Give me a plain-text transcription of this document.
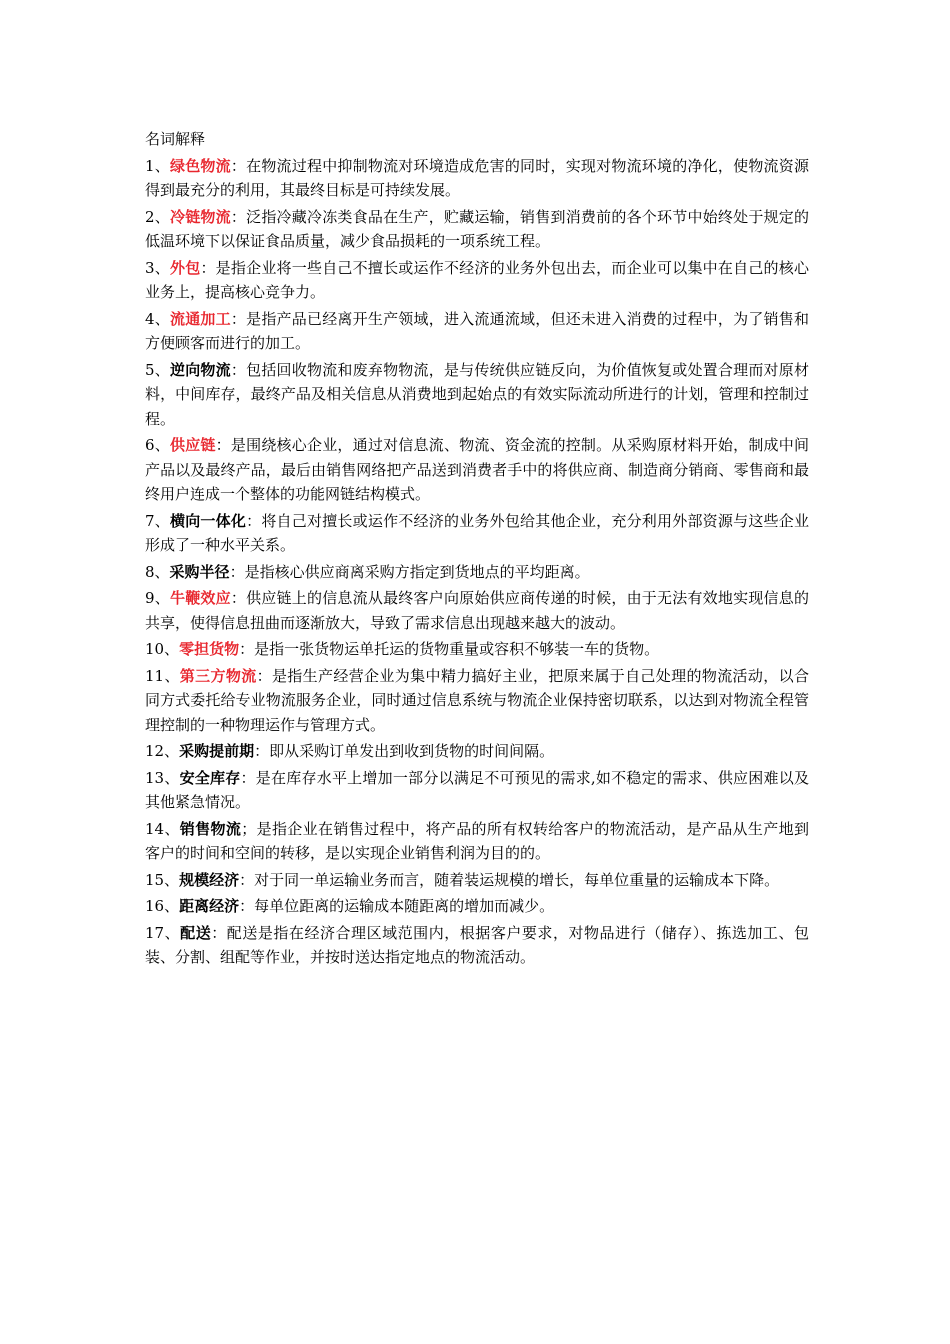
名词解释
1、绿色物流：在物流过程中抑制物流对环境造成危害的同时，实现对物流环境的净化，使物流资源得到最充分的利用，其最终目标是可持续发展。
2、冷链物流：泛指冷藏冷冻类食品在生产，贮藏运输，销售到消费前的各个环节中始终处于规定的低温环境下以保证食品质量，减少食品损耗的一项系统工程。
3、外包：是指企业将一些自己不擅长或运作不经济的业务外包出去，而企业可以集中在自己的核心业务上，提高核心竞争力。
4、流通加工：是指产品已经离开生产领域，进入流通流域，但还未进入消费的过程中，为了销售和方便顾客而进行的加工。
5、逆向物流：包括回收物流和废弃物物流，是与传统供应链反向，为价值恢复或处置合理而对原材料，中间库存，最终产品及相关信息从消费地到起始点的有效实际流动所进行的计划，管理和控制过程。
6、供应链：是围绕核心企业，通过对信息流、物流、资金流的控制。从采购原材料开始，制成中间产品以及最终产品，最后由销售网络把产品送到消费者手中的将供应商、制造商分销商、零售商和最终用户连成一个整体的功能网链结构模式。
7、横向一体化：将自己对擅长或运作不经济的业务外包给其他企业，充分利用外部资源与这些企业形成了一种水平关系。
8、采购半径：是指核心供应商离采购方指定到货地点的平均距离。
9、牛鞭效应：供应链上的信息流从最终客户向原始供应商传递的时候，由于无法有效地实现信息的共享，使得信息扭曲而逐渐放大，导致了需求信息出现越来越大的波动。
10、零担货物：是指一张货物运单托运的货物重量或容积不够装一车的货物。
11、第三方物流：是指生产经营企业为集中精力搞好主业，把原来属于自己处理的物流活动，以合同方式委托给专业物流服务企业，同时通过信息系统与物流企业保持密切联系，以达到对物流全程管理控制的一种物理运作与管理方式。
12、采购提前期：即从采购订单发出到收到货物的时间间隔。
13、安全库存：是在库存水平上增加一部分以满足不可预见的需求,如不稳定的需求、供应困难以及其他紧急情况。
14、销售物流；是指企业在销售过程中，将产品的所有权转给客户的物流活动，是产品从生产地到客户的时间和空间的转移，是以实现企业销售利润为目的的。
15、规模经济：对于同一单运输业务而言，随着装运规模的增长，每单位重量的运输成本下降。
16、距离经济：每单位距离的运输成本随距离的增加而减少。
17、配送：配送是指在经济合理区域范围内，根据客户要求，对物品进行（储存）、拣选加工、包装、分割、组配等作业，并按时送达指定地点的物流活动。
